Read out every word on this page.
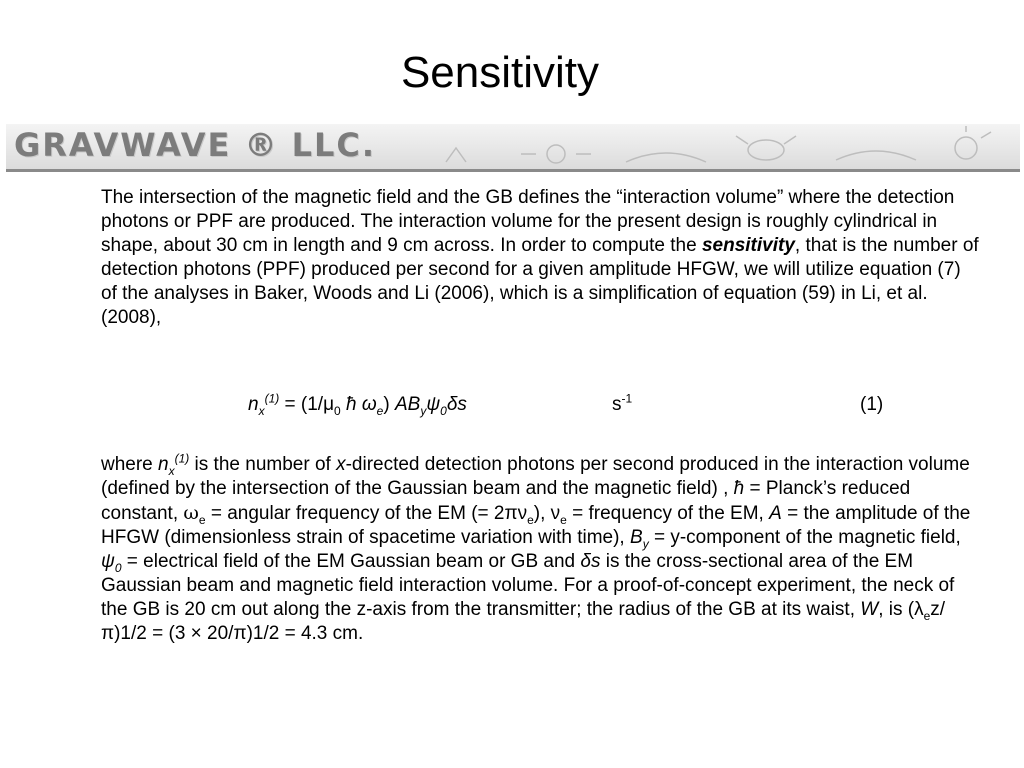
Sensitivity
GRAVWAVE ® LLC.
The intersection of the magnetic field and the GB defines the “interaction volume” where the detection photons or PPF are produced. The interaction volume for the present design is roughly cylindrical in shape, about 30 cm in length and 9 cm across. In order to compute the sensitivity, that is the number of detection photons (PPF) produced per second for a given amplitude HFGW, we will utilize equation (7) of the analyses in Baker, Woods and Li (2006), which is a simplification of equation (59) in Li, et al. (2008),
$n_x^{(1)} = (1/\mu_0$ ħ $\omega_e$) $AB_y\psi_0\delta s$	$s^{-1}$	(1)
where $n_x^{(1)}$ is the number of x-directed detection photons per second produced in the interaction volume (defined by the intersection of the Gaussian beam and the magnetic field) , ħ = Planck’s reduced constant, $\omega_e$ = angular frequency of the EM (= $2\pi\nu_e$), $\nu_e$ = frequency of the EM, A = the amplitude of the HFGW (dimensionless strain of spacetime variation with time), $B_y$ = y-component of the magnetic field, $\psi_0$ = electrical field of the EM Gaussian beam or GB and δs is the cross-sectional area of the EM Gaussian beam and magnetic field interaction volume. For a proof-of-concept experiment, the neck of the GB is 20 cm out along the z-axis from the transmitter; the radius of the GB at its waist, W, is $(\lambda_ez/\pi)1/2 = (3 \times 20/\pi)1/2 = 4.3$ cm.
